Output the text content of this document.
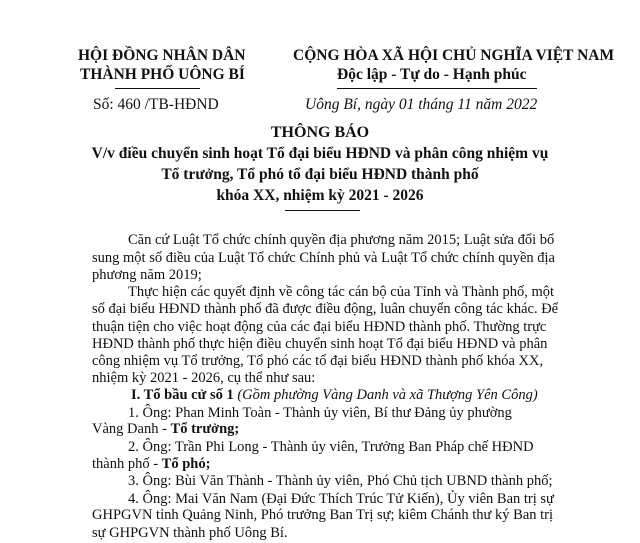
HỘI ĐỒNG NHÂN DÂN
THÀNH PHỐ UÔNG BÍ
CỘNG HÒA XÃ HỘI CHỦ NGHĨA VIỆT NAM
Độc lập - Tự do - Hạnh phúc
Số: 460 /TB-HĐND	Uông Bí, ngày 01 tháng 11 năm 2022
THÔNG BÁO
V/v điều chuyển sinh hoạt Tổ đại biểu HĐND và phân công nhiệm vụ
Tổ trưởng, Tổ phó tổ đại biểu HĐND thành phố
khóa XX, nhiệm kỳ 2021 - 2026
Căn cứ Luật Tổ chức chính quyền địa phương năm 2015; Luật sửa đổi bổ
sung một số điều của Luật Tổ chức Chính phủ và Luật Tổ chức chính quyền địa
phương năm 2019;
Thực hiện các quyết định về công tác cán bộ của Tỉnh và Thành phố, một
số đại biểu HĐND thành phố đã được điều động, luân chuyển công tác khác. Để
thuận tiện cho việc hoạt động của các đại biểu HĐND thành phố. Thường trực
HĐND thành phố thực hiện điều chuyển sinh hoạt Tổ đại biểu HĐND và phân
công nhiệm vụ Tổ trưởng, Tổ phó các tổ đại biểu HĐND thành phố khóa XX,
nhiệm kỳ 2021 - 2026, cụ thể như sau:
I. Tổ bầu cử số 1 (Gồm phường Vàng Danh và xã Thượng Yên Công)
1. Ông: Phan Minh Toàn - Thành ủy viên, Bí thư Đảng ủy phường
Vàng Danh - Tổ trưởng;
2. Ông: Trần Phi Long - Thành ủy viên, Trưởng Ban Pháp chế HĐND
thành phố - Tổ phó;
3. Ông: Bùi Văn Thành - Thành ủy viên, Phó Chủ tịch UBND thành phố;
4. Ông: Mai Văn Nam (Đại Đức Thích Trúc Tử Kiến), Ủy viên Ban trị sự
GHPGVN tỉnh Quảng Ninh, Phó trưởng Ban Trị sự; kiêm Chánh thư ký Ban trị
sự GHPGVN thành phố Uông Bí.
